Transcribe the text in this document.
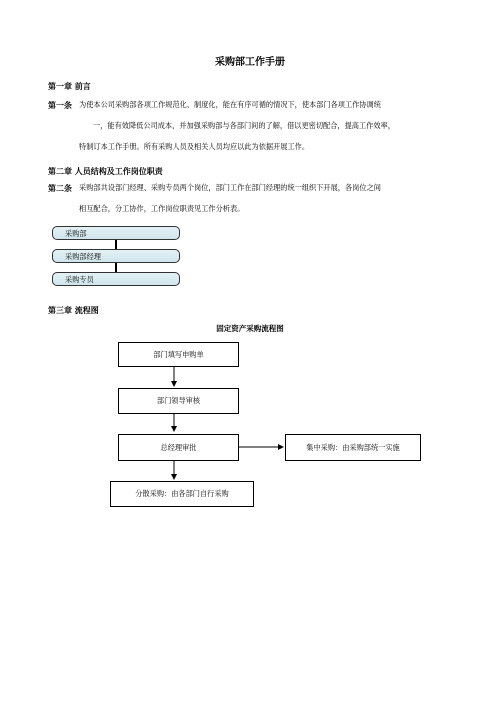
采购部工作手册
第一章 前言
第一条 为使本公司采购部各项工作规范化、制度化，能在有序可循的情况下，使本部门各项工作协调统
一，能有效降低公司成本，并加强采购部与各部门间的了解，借以更密切配合，提高工作效率，
特制订本工作手册。所有采购人员及相关人员均应以此为依据开展工作。
第二章 人员结构及工作岗位职责
第二条 采购部共设部门经理、采购专员两个岗位，部门工作在部门经理的统一组织下开展，各岗位之间
相互配合，分工协作，工作岗位职责见工作分析表。
采购部
采购部经理
采购专员
第三章 流程图
固定资产采购流程图
部门填写申购单
部门领导审核
总经理审批	集中采购：由采购部统一实施
分散采购：由各部门自行采购
